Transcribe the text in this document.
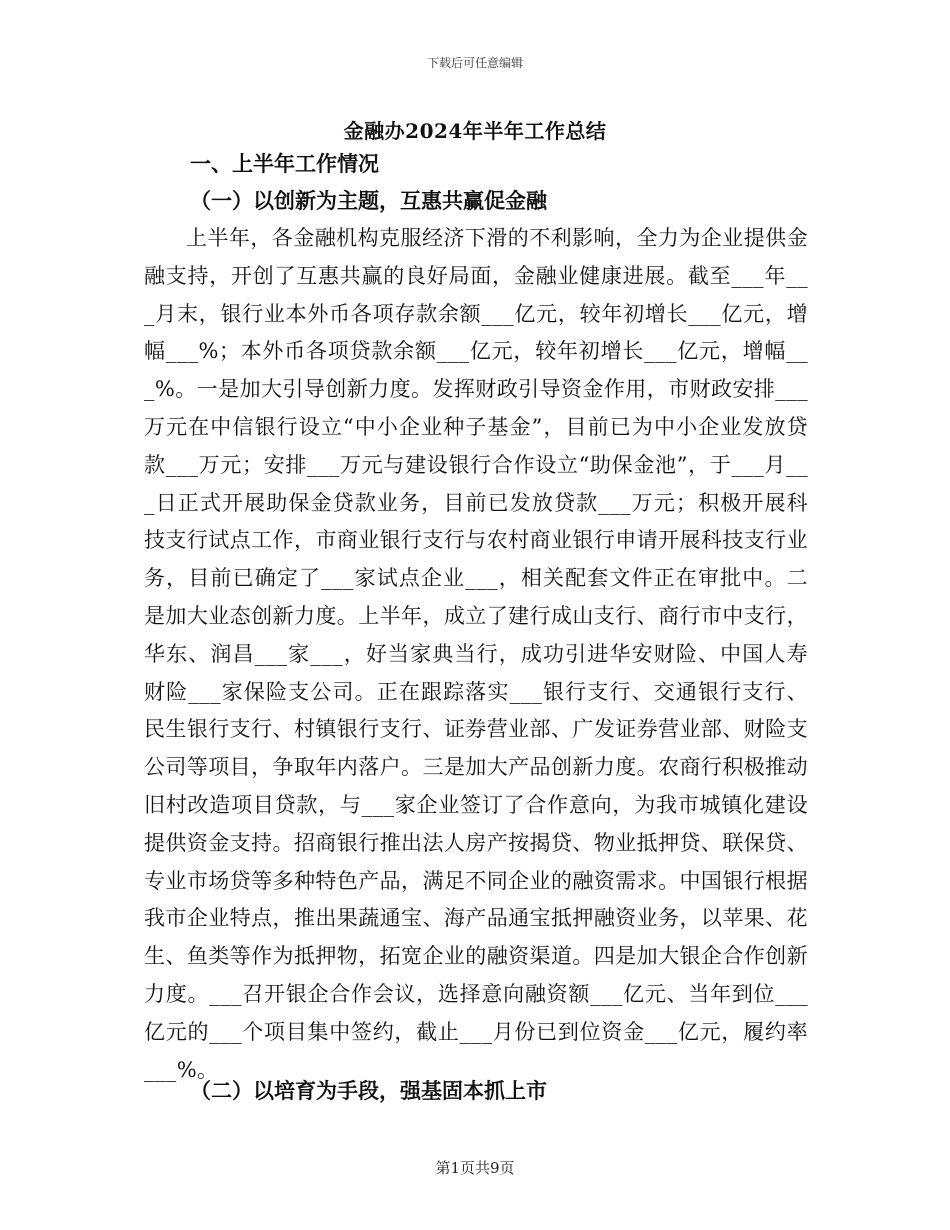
下载后可任意编辑
金融办2024年半年工作总结
一、上半年工作情况
（一）以创新为主题，互惠共赢促金融

上半年，各金融机构克服经济下滑的不利影响，全力为企业提供金融支持，开创了互惠共赢的良好局面，金融业健康进展。截至___年___月末，银行业本外币各项存款余额___亿元，较年初增长___亿元，增幅___%；本外币各项贷款余额___亿元，较年初增长___亿元，增幅___%。一是加大引导创新力度。发挥财政引导资金作用，市财政安排___万元在中信银行设立“中小企业种子基金”，目前已为中小企业发放贷款___万元；安排___万元与建设银行合作设立“助保金池”，于___月___日正式开展助保金贷款业务，目前已发放贷款___万元；积极开展科技支行试点工作，市商业银行支行与农村商业银行申请开展科技支行业务，目前已确定了___家试点企业___，相关配套文件正在审批中。二是加大业态创新力度。上半年，成立了建行成山支行、商行市中支行，华东、润昌___家___，好当家典当行，成功引进华安财险、中国人寿财险___家保险支公司。正在跟踪落实___银行支行、交通银行支行、民生银行支行、村镇银行支行、证券营业部、广发证券营业部、财险支公司等项目，争取年内落户。三是加大产品创新力度。农商行积极推动旧村改造项目贷款，与___家企业签订了合作意向，为我市城镇化建设提供资金支持。招商银行推出法人房产按揭贷、物业抵押贷、联保贷、专业市场贷等多种特色产品，满足不同企业的融资需求。中国银行根据我市企业特点，推出果蔬通宝、海产品通宝抵押融资业务，以苹果、花生、鱼类等作为抵押物，拓宽企业的融资渠道。四是加大银企合作创新力度。___召开银企合作会议，选择意向融资额___亿元、当年到位___亿元的___个项目集中签约，截止___月份已到位资金___亿元，履约率___%。

（二）以培育为手段，强基固本抓上市
第1页共9页
